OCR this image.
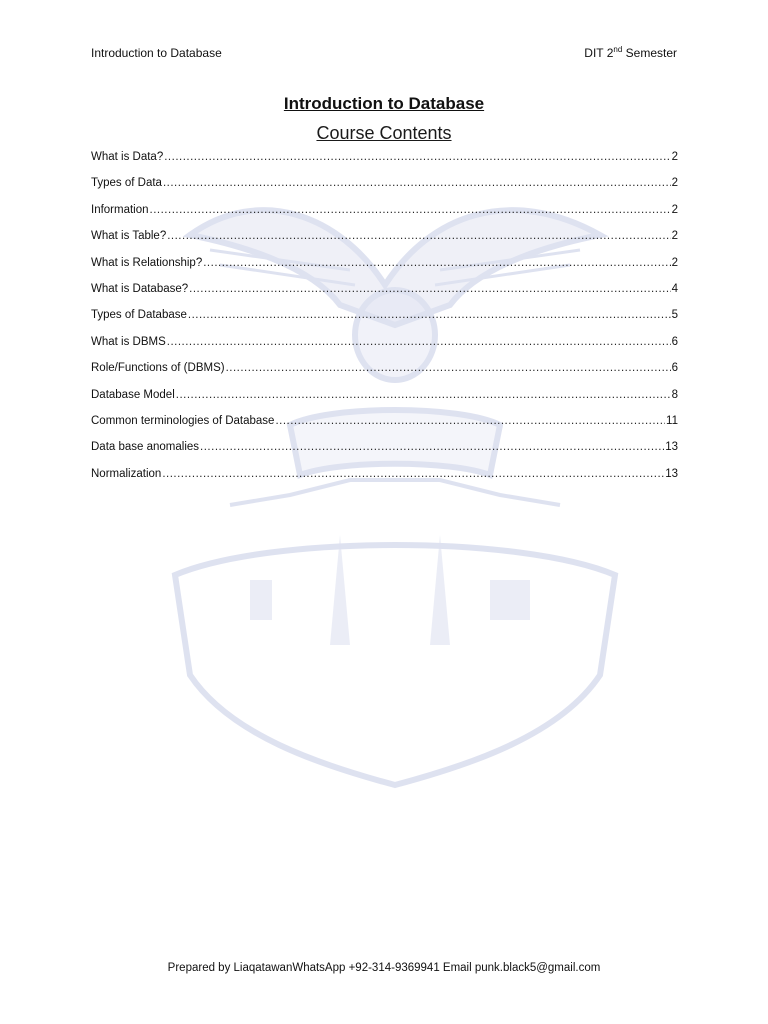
Introduction to Database	DIT 2nd Semester
Introduction to Database
Course Contents
What is Data? .....	2
Types of Data .....	2
Information .....	2
What is Table? .....	2
What is Relationship? .....	2
What is Database? .....	4
Types of Database .....	5
What is DBMS .....	6
Role/Functions of (DBMS) .....	6
Database Model .....	8
Common terminologies of Database .....	11
Data base anomalies .....	13
Normalization .....	13
Prepared by LiaqatawanWhatsApp +92-314-9369941 Email punk.black5@gmail.com
